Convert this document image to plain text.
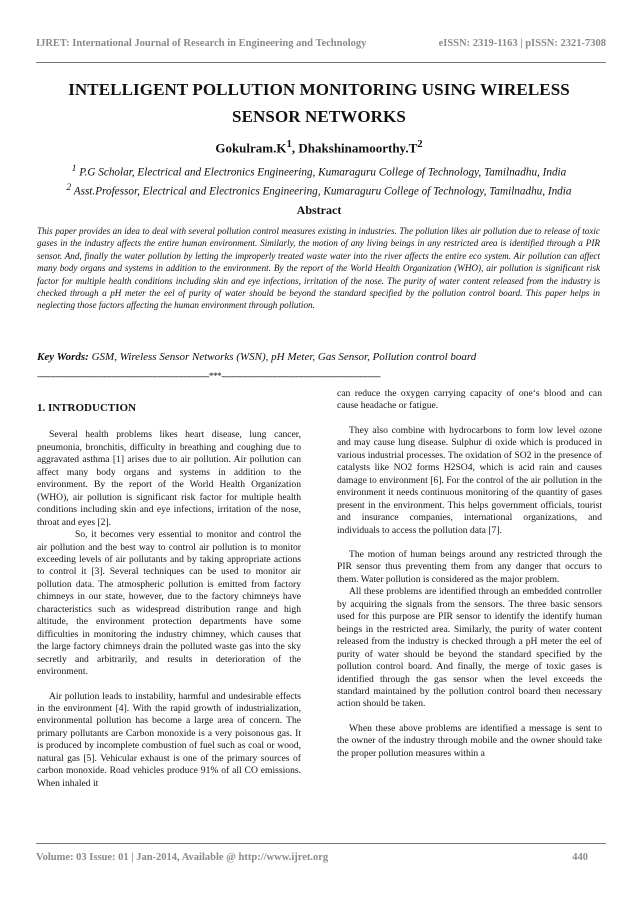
IJRET: International Journal of Research in Engineering and Technology	eISSN: 2319-1163 | pISSN: 2321-7308
INTELLIGENT POLLUTION MONITORING USING WIRELESS
SENSOR NETWORKS
$Gokulram.K^1$, $Dhakshinamoorthy.T^2$
$^1$ P.G Scholar, Electrical and Electronics Engineering, Kumaraguru College of Technology, Tamilnadhu, India
$^2$ Asst.Professor, Electrical and Electronics Engineering, Kumaraguru College of Technology, Tamilnadhu, India
Abstract
This paper provides an idea to deal with several pollution control measures existing in industries. The pollution likes air pollution due to release of toxic gases in the industry affects the entire human environment. Similarly, the motion of any living beings in any restricted area is identified through a PIR sensor. And, finally the water pollution by letting the improperly treated waste water into the river affects the entire eco system. Air pollution can affect many body organs and systems in addition to the environment. By the report of the World Health Organization (WHO), air pollution is significant risk factor for multiple health conditions including skin and eye infections, irritation of the nose. The purity of water content released from the industry is checked through a pH meter the eel of purity of water should be beyond the standard specified by the pollution control board. This paper helps in neglecting those factors affecting the human environment through pollution.
Key Words: GSM, Wireless Sensor Networks (WSN), pH Meter, Gas Sensor, Pollution control board
-------------------------------------------------------------------***--------------------------------------------------------------
1. INTRODUCTION

Several health problems likes heart disease, lung cancer, pneumonia, bronchitis, difficulty in breathing and coughing due to aggravated asthma [1] arises due to air pollution. Air pollution can affect many body organs and systems in addition to the environment. By the report of the World Health Organization (WHO), air pollution is significant risk factor for multiple health conditions including skin and eye infections, irritation of the nose, throat and eyes [2].

So, it becomes very essential to monitor and control the air pollution and the best way to control air pollution is to monitor exceeding levels of air pollutants and by taking appropriate actions to control it [3]. Several techniques can be used to monitor air pollution data. The atmospheric pollution is emitted from factory chimneys in our state, however, due to the factory chimneys have characteristics such as widespread distribution range and high altitude, the environment protection departments have some difficulties in monitoring the industry chimney, which causes that the large factory chimneys drain the polluted waste gas into the sky secretly and arbitrarily, and results in deterioration of the environment.

Air pollution leads to instability, harmful and undesirable effects in the environment [4]. With the rapid growth of industrialization, environmental pollution has become a large area of concern. The primary pollutants are Carbon monoxide is a very poisonous gas. It is produced by incomplete combustion of fuel such as coal or wood, natural gas [5]. Vehicular exhaust is one of the primary sources of carbon monoxide. Road vehicles produce 91% of all CO emissions. When inhaled it

can reduce the oxygen carrying capacity of one‘s blood and can cause headache or fatigue.

They also combine with hydrocarbons to form low level ozone and may cause lung disease. Sulphur di oxide which is produced in various industrial processes. The oxidation of SO2 in the presence of catalysts like NO2 forms H2SO4, which is acid rain and causes damage to environment [6]. For the control of the air pollution in the environment it needs continuous monitoring of the quantity of gases present in the environment. This helps government officials, tourist and insurance companies, international organizations, and individuals to access the pollution data [7].

The motion of human beings around any restricted through the PIR sensor thus preventing them from any danger that occurs to them. Water pollution is considered as the major problem.

All these problems are identified through an embedded controller by acquiring the signals from the sensors. The three basic sensors used for this purpose are PIR sensor to identify the identify human beings in the restricted area. Similarly, the purity of water content released from the industry is checked through a pH meter the eel of purity of water should be beyond the standard specified by the pollution control board. And finally, the merge of toxic gases is identified through the gas sensor when the level exceeds the standard maintained by the pollution control board then necessary action should be taken.

When these above problems are identified a message is sent to the owner of the industry through mobile and the owner should take the proper pollution measures within a

Volume: 03 Issue: 01 | Jan-2014, Available @ http://www.ijret.org	440
